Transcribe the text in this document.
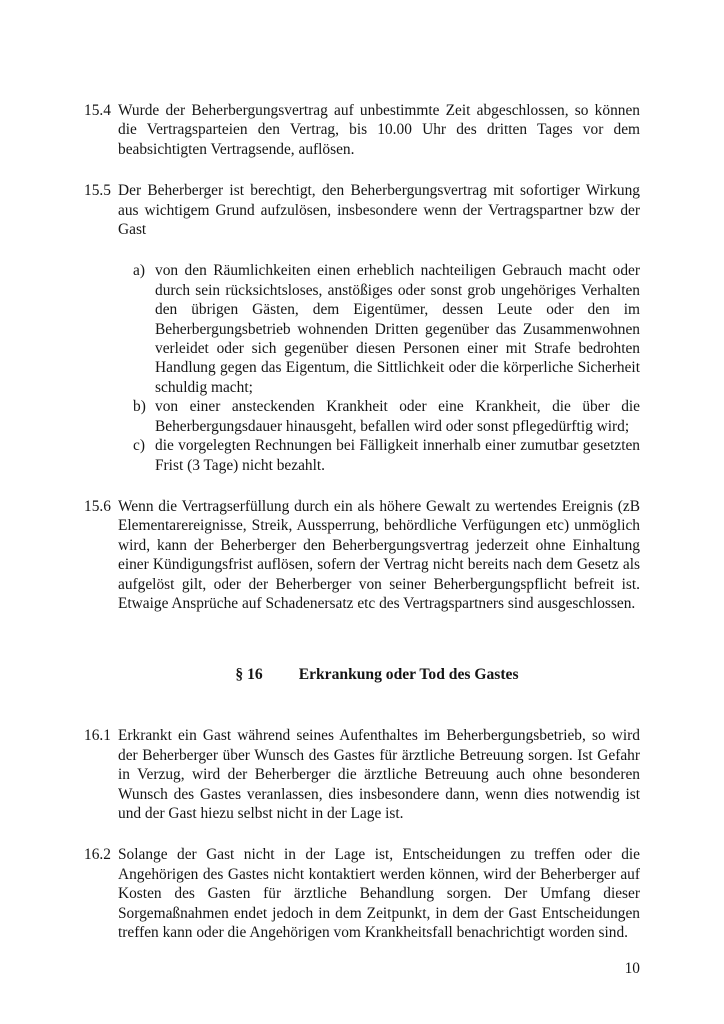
15.4 Wurde der Beherbergungsvertrag auf unbestimmte Zeit abgeschlossen, so können die Vertragsparteien den Vertrag, bis 10.00 Uhr des dritten Tages vor dem beabsichtigten Vertragsende, auflösen.
15.5 Der Beherberger ist berechtigt, den Beherbergungsvertrag mit sofortiger Wirkung aus wichtigem Grund aufzulösen, insbesondere wenn der Vertragspartner bzw der Gast
a) von den Räumlichkeiten einen erheblich nachteiligen Gebrauch macht oder durch sein rücksichtsloses, anstößiges oder sonst grob ungehöriges Verhalten den übrigen Gästen, dem Eigentümer, dessen Leute oder den im Beherbergungsbetrieb wohnenden Dritten gegenüber das Zusammenwohnen verleidet oder sich gegenüber diesen Personen einer mit Strafe bedrohten Handlung gegen das Eigentum, die Sittlichkeit oder die körperliche Sicherheit schuldig macht;
b) von einer ansteckenden Krankheit oder eine Krankheit, die über die Beherbergungsdauer hinausgeht, befallen wird oder sonst pflegedürftig wird;
c) die vorgelegten Rechnungen bei Fälligkeit innerhalb einer zumutbar gesetzten Frist (3 Tage) nicht bezahlt.
15.6 Wenn die Vertragserfüllung durch ein als höhere Gewalt zu wertendes Ereignis (zB Elementarereignisse, Streik, Aussperrung, behördliche Verfügungen etc) unmöglich wird, kann der Beherberger den Beherbergungsvertrag jederzeit ohne Einhaltung einer Kündigungsfrist auflösen, sofern der Vertrag nicht bereits nach dem Gesetz als aufgelöst gilt, oder der Beherberger von seiner Beherbergungspflicht befreit ist. Etwaige Ansprüche auf Schadenersatz etc des Vertragspartners sind ausgeschlossen.

§ 16 Erkrankung oder Tod des Gastes

16.1 Erkrankt ein Gast während seines Aufenthaltes im Beherbergungsbetrieb, so wird der Beherberger über Wunsch des Gastes für ärztliche Betreuung sorgen. Ist Gefahr in Verzug, wird der Beherberger die ärztliche Betreuung auch ohne besonderen Wunsch des Gastes veranlassen, dies insbesondere dann, wenn dies notwendig ist und der Gast hiezu selbst nicht in der Lage ist.
16.2 Solange der Gast nicht in der Lage ist, Entscheidungen zu treffen oder die Angehörigen des Gastes nicht kontaktiert werden können, wird der Beherberger auf Kosten des Gasten für ärztliche Behandlung sorgen. Der Umfang dieser Sorgemaßnahmen endet jedoch in dem Zeitpunkt, in dem der Gast Entscheidungen treffen kann oder die Angehörigen vom Krankheitsfall benachrichtigt worden sind.
10
